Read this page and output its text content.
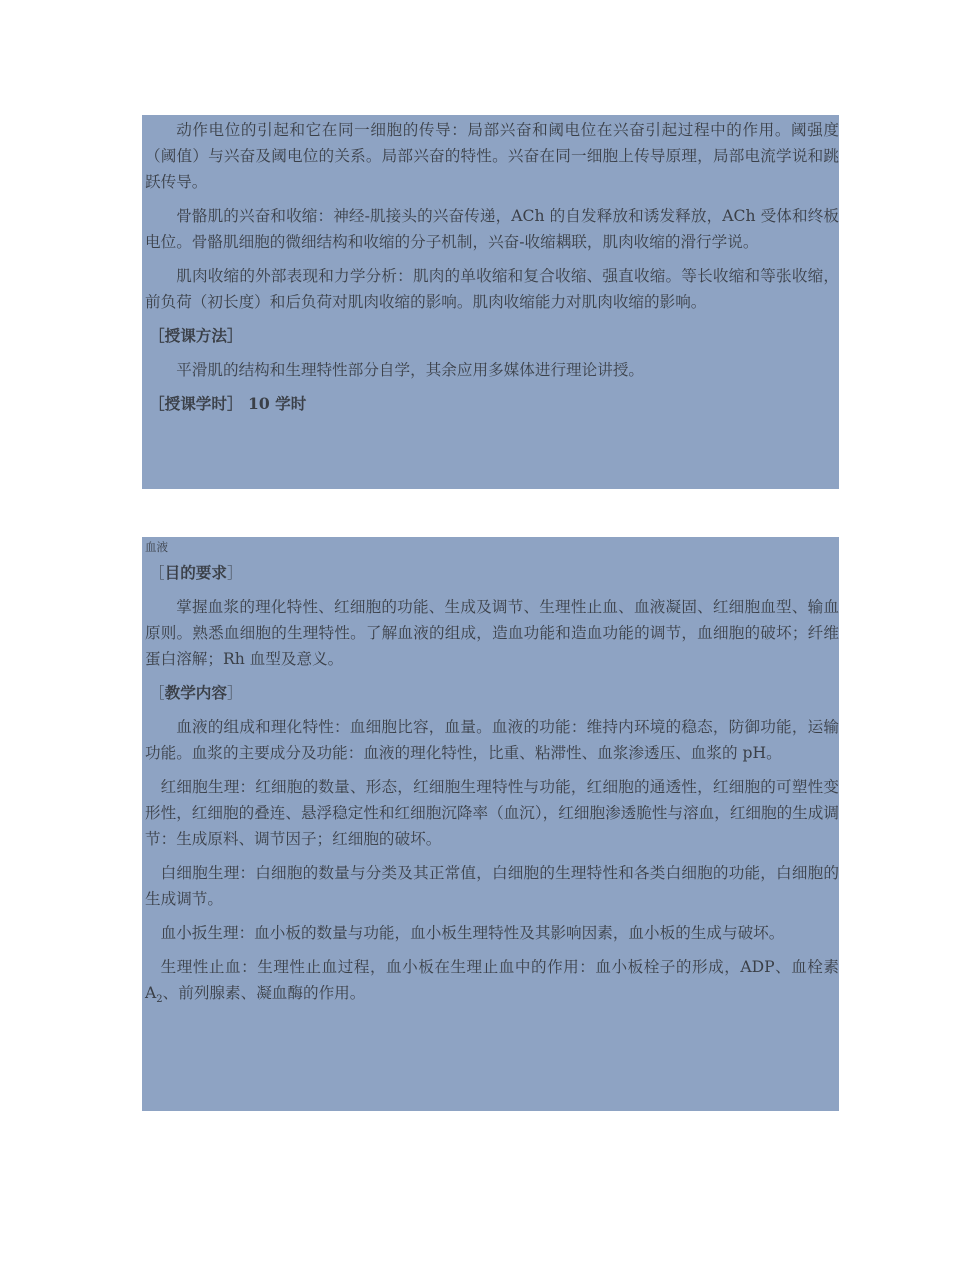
动作电位的引起和它在同一细胞的传导：局部兴奋和阈电位在兴奋引起过程中的作用。阈强度（阈值）与兴奋及阈电位的关系。局部兴奋的特性。兴奋在同一细胞上传导原理，局部电流学说和跳跃传导。

骨骼肌的兴奋和收缩：神经-肌接头的兴奋传递，ACh 的自发释放和诱发释放，ACh 受体和终板电位。骨骼肌细胞的微细结构和收缩的分子机制，兴奋-收缩耦联，肌肉收缩的滑行学说。

肌肉收缩的外部表现和力学分析：肌肉的单收缩和复合收缩、强直收缩。等长收缩和等张收缩，前负荷（初长度）和后负荷对肌肉收缩的影响。肌肉收缩能力对肌肉收缩的影响。

［授课方法］

平滑肌的结构和生理特性部分自学，其余应用多媒体进行理论讲授。

［授课学时］ 10 学时

血液

［目的要求］

掌握血浆的理化特性、红细胞的功能、生成及调节、生理性止血、血液凝固、红细胞血型、输血原则。熟悉血细胞的生理特性。了解血液的组成，造血功能和造血功能的调节，血细胞的破坏；纤维蛋白溶解；Rh 血型及意义。

［教学内容］

血液的组成和理化特性：血细胞比容，血量。血液的功能：维持内环境的稳态，防御功能，运输功能。血浆的主要成分及功能：血液的理化特性，比重、粘滞性、血浆渗透压、血浆的 pH。

红细胞生理：红细胞的数量、形态，红细胞生理特性与功能，红细胞的通透性，红细胞的可塑性变形性，红细胞的叠连、悬浮稳定性和红细胞沉降率（血沉），红细胞渗透脆性与溶血，红细胞的生成调节：生成原料、调节因子；红细胞的破坏。

白细胞生理：白细胞的数量与分类及其正常值，白细胞的生理特性和各类白细胞的功能，白细胞的生成调节。

血小扳生理：血小板的数量与功能，血小板生理特性及其影响因素，血小板的生成与破坏。

生理性止血：生理性止血过程，血小板在生理止血中的作用：血小板栓子的形成，ADP、血栓素 $A_2$、前列腺素、凝血酶的作用。
